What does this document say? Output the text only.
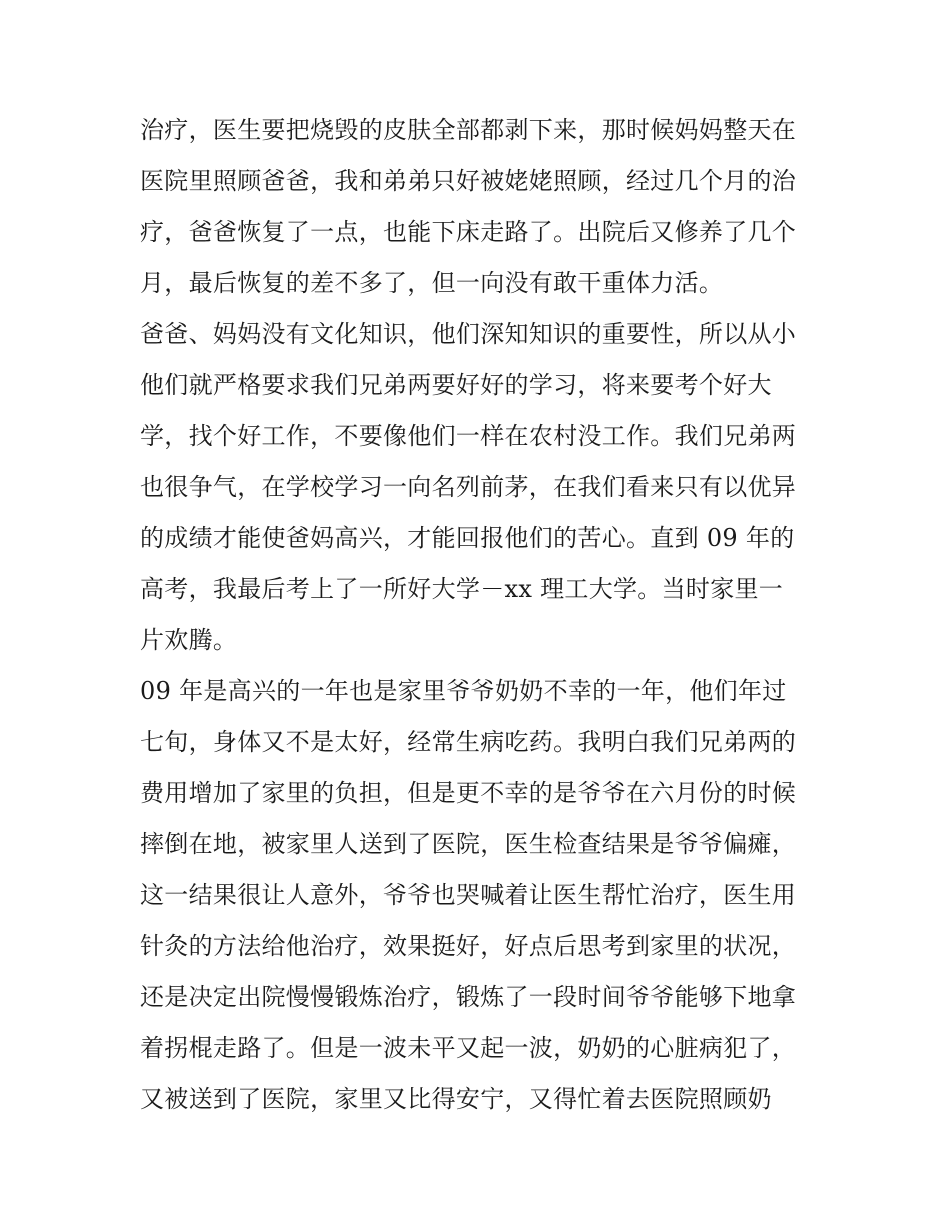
治疗，医生要把烧毁的皮肤全部都剥下来，那时候妈妈整天在
医院里照顾爸爸，我和弟弟只好被姥姥照顾，经过几个月的治
疗，爸爸恢复了一点，也能下床走路了。出院后又修养了几个
月，最后恢复的差不多了，但一向没有敢干重体力活。
爸爸、妈妈没有文化知识，他们深知知识的重要性，所以从小
他们就严格要求我们兄弟两要好好的学习，将来要考个好大
学，找个好工作，不要像他们一样在农村没工作。我们兄弟两
也很争气，在学校学习一向名列前茅，在我们看来只有以优异
的成绩才能使爸妈高兴，才能回报他们的苦心。直到 09 年的
高考，我最后考上了一所好大学－xx 理工大学。当时家里一
片欢腾。
09 年是高兴的一年也是家里爷爷奶奶不幸的一年，他们年过
七旬，身体又不是太好，经常生病吃药。我明白我们兄弟两的
费用增加了家里的负担，但是更不幸的是爷爷在六月份的时候
摔倒在地，被家里人送到了医院，医生检查结果是爷爷偏瘫，
这一结果很让人意外，爷爷也哭喊着让医生帮忙治疗，医生用
针灸的方法给他治疗，效果挺好，好点后思考到家里的状况，
还是决定出院慢慢锻炼治疗，锻炼了一段时间爷爷能够下地拿
着拐棍走路了。但是一波未平又起一波，奶奶的心脏病犯了，
又被送到了医院，家里又比得安宁，又得忙着去医院照顾奶
